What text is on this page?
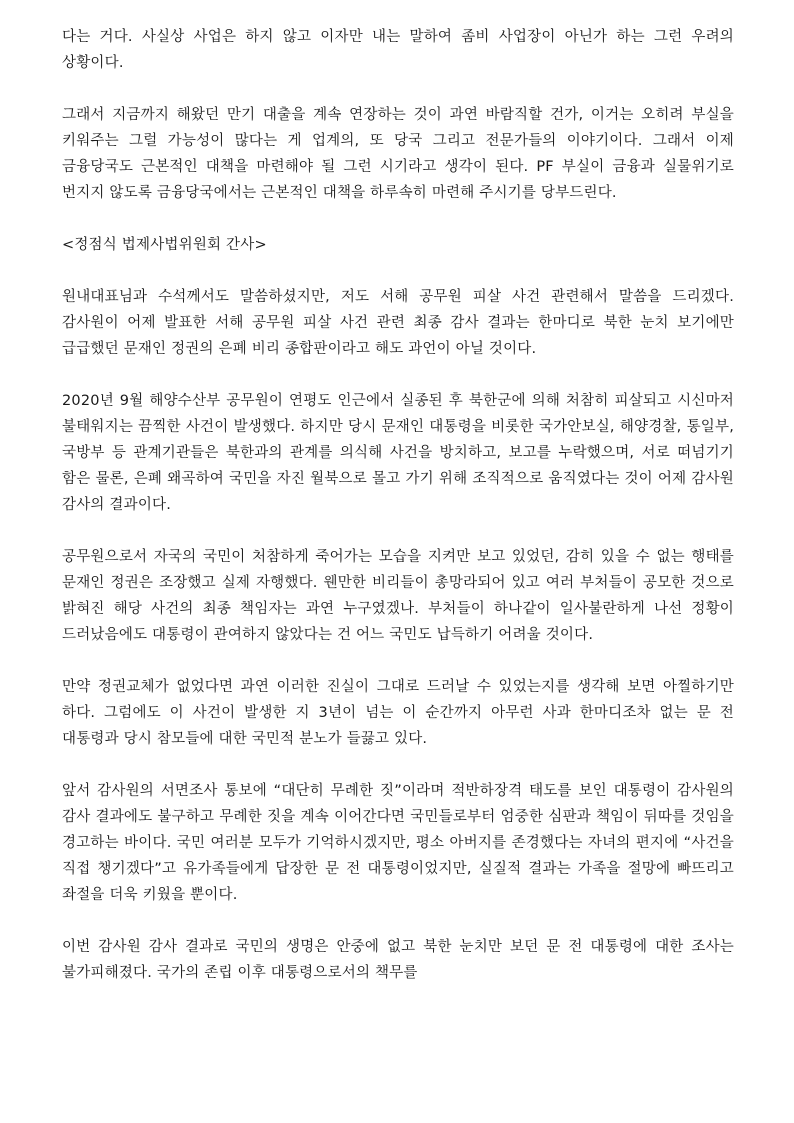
다는 거다. 사실상 사업은 하지 않고 이자만 내는 말하여 좀비 사업장이 아닌가 하는 그런 우려의 상황이다.

그래서 지금까지 해왔던 만기 대출을 계속 연장하는 것이 과연 바람직할 건가, 이거는 오히려 부실을 키워주는 그럴 가능성이 많다는 게 업계의, 또 당국 그리고 전문가들의 이야기이다. 그래서 이제 금융당국도 근본적인 대책을 마련해야 될 그런 시기라고 생각이 된다. PF 부실이 금융과 실물위기로 번지지 않도록 금융당국에서는 근본적인 대책을 하루속히 마련해 주시기를 당부드린다.

<정점식 법제사법위원회 간사>

원내대표님과 수석께서도 말씀하셨지만, 저도 서해 공무원 피살 사건 관련해서 말씀을 드리겠다. 감사원이 어제 발표한 서해 공무원 피살 사건 관련 최종 감사 결과는 한마디로 북한 눈치 보기에만 급급했던 문재인 정권의 은폐 비리 종합판이라고 해도 과언이 아닐 것이다.

2020년 9월 해양수산부 공무원이 연평도 인근에서 실종된 후 북한군에 의해 처참히 피살되고 시신마저 불태워지는 끔찍한 사건이 발생했다. 하지만 당시 문재인 대통령을 비롯한 국가안보실, 해양경찰, 통일부, 국방부 등 관계기관들은 북한과의 관계를 의식해 사건을 방치하고, 보고를 누락했으며, 서로 떠넘기기 함은 물론, 은폐 왜곡하여 국민을 자진 월북으로 몰고 가기 위해 조직적으로 움직였다는 것이 어제 감사원 감사의 결과이다.

공무원으로서 자국의 국민이 처참하게 죽어가는 모습을 지켜만 보고 있었던, 감히 있을 수 없는 행태를 문재인 정권은 조장했고 실제 자행했다. 웬만한 비리들이 총망라되어 있고 여러 부처들이 공모한 것으로 밝혀진 해당 사건의 최종 책임자는 과연 누구였겠나. 부처들이 하나같이 일사불란하게 나선 정황이 드러났음에도 대통령이 관여하지 않았다는 건 어느 국민도 납득하기 어려울 것이다.

만약 정권교체가 없었다면 과연 이러한 진실이 그대로 드러날 수 있었는지를 생각해 보면 아찔하기만 하다. 그럼에도 이 사건이 발생한 지 3년이 넘는 이 순간까지 아무런 사과 한마디조차 없는 문 전 대통령과 당시 참모들에 대한 국민적 분노가 들끓고 있다.

앞서 감사원의 서면조사 통보에 “대단히 무례한 짓”이라며 적반하장격 태도를 보인 대통령이 감사원의 감사 결과에도 불구하고 무례한 짓을 계속 이어간다면 국민들로부터 엄중한 심판과 책임이 뒤따를 것임을 경고하는 바이다. 국민 여러분 모두가 기억하시겠지만, 평소 아버지를 존경했다는 자녀의 편지에 “사건을 직접 챙기겠다”고 유가족들에게 답장한 문 전 대통령이었지만, 실질적 결과는 가족을 절망에 빠뜨리고 좌절을 더욱 키웠을 뿐이다.

이번 감사원 감사 결과로 국민의 생명은 안중에 없고 북한 눈치만 보던 문 전 대통령에 대한 조사는 불가피해졌다. 국가의 존립 이후 대통령으로서의 책무를
